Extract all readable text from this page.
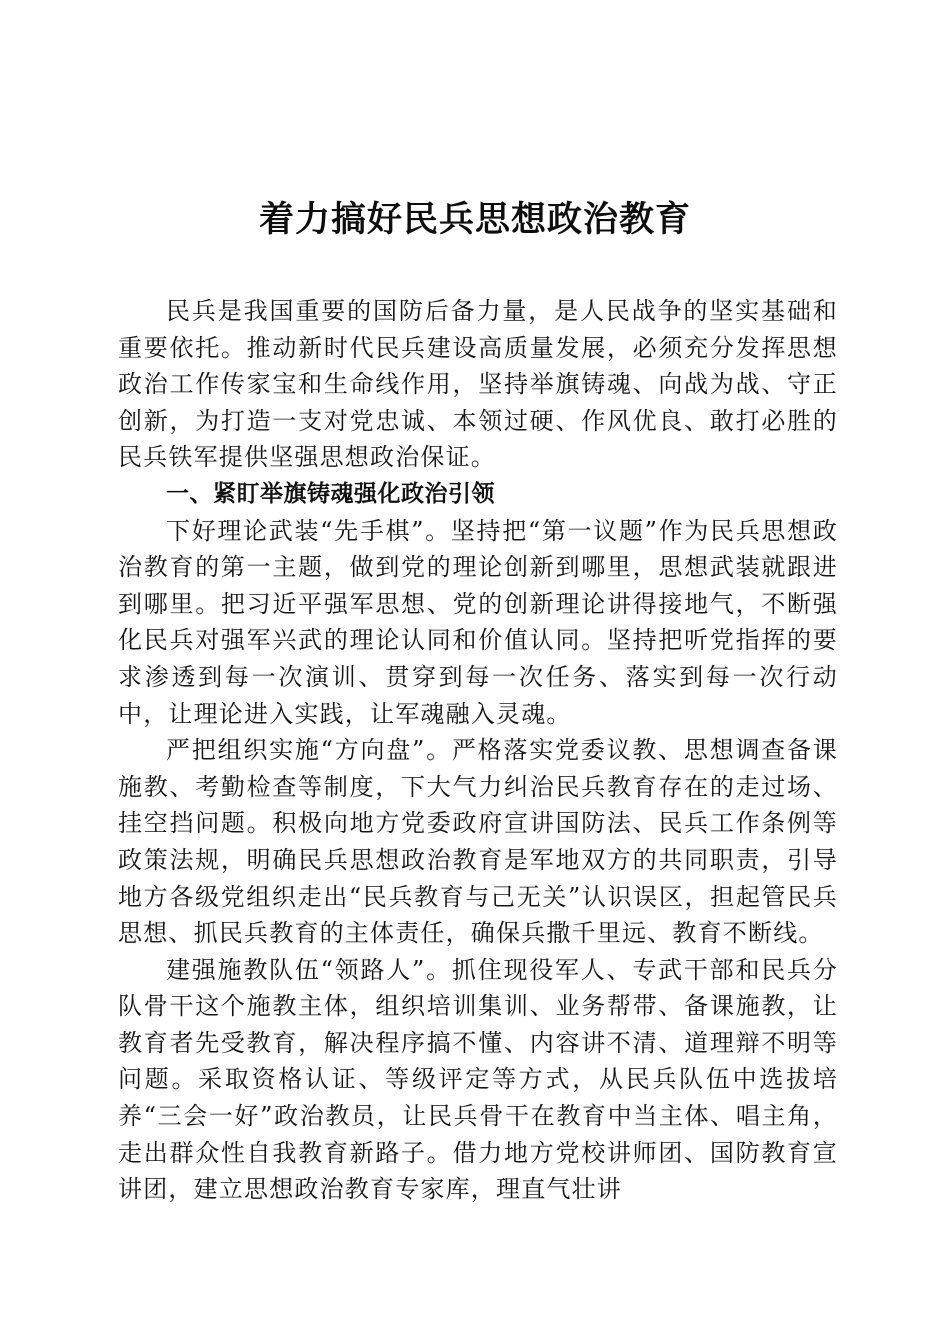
着力搞好民兵思想政治教育

民兵是我国重要的国防后备力量，是人民战争的坚实基础和重要依托。推动新时代民兵建设高质量发展，必须充分发挥思想政治工作传家宝和生命线作用，坚持举旗铸魂、向战为战、守正创新，为打造一支对党忠诚、本领过硬、作风优良、敢打必胜的民兵铁军提供坚强思想政治保证。

一、紧盯举旗铸魂强化政治引领

下好理论武装“先手棋”。坚持把“第一议题”作为民兵思想政治教育的第一主题，做到党的理论创新到哪里，思想武装就跟进到哪里。把习近平强军思想、党的创新理论讲得接地气，不断强化民兵对强军兴武的理论认同和价值认同。坚持把听党指挥的要求渗透到每一次演训、贯穿到每一次任务、落实到每一次行动中，让理论进入实践，让军魂融入灵魂。

严把组织实施“方向盘”。严格落实党委议教、思想调查备课施教、考勤检查等制度，下大气力纠治民兵教育存在的走过场、挂空挡问题。积极向地方党委政府宣讲国防法、民兵工作条例等政策法规，明确民兵思想政治教育是军地双方的共同职责，引导地方各级党组织走出“民兵教育与己无关”认识误区，担起管民兵思想、抓民兵教育的主体责任，确保兵撒千里远、教育不断线。

建强施教队伍“领路人”。抓住现役军人、专武干部和民兵分队骨干这个施教主体，组织培训集训、业务帮带、备课施教，让教育者先受教育，解决程序搞不懂、内容讲不清、道理辩不明等问题。采取资格认证、等级评定等方式，从民兵队伍中选拔培养“三会一好”政治教员，让民兵骨干在教育中当主体、唱主角，走出群众性自我教育新路子。借力地方党校讲师团、国防教育宣讲团，建立思想政治教育专家库，理直气壮讲
